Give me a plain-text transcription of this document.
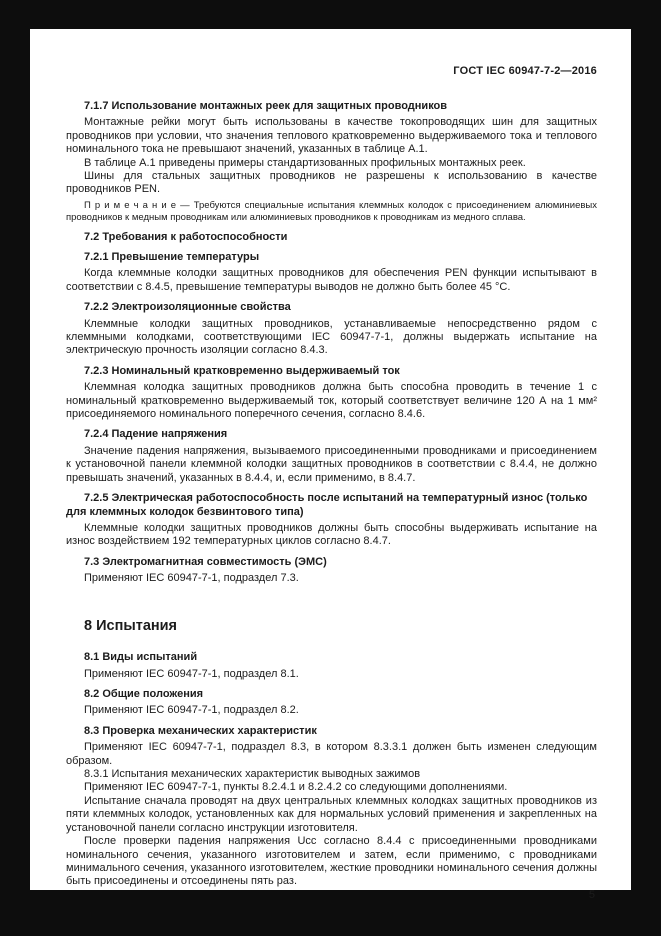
ГОСТ IEC 60947-7-2—2016
7.1.7 Использование монтажных реек для защитных проводников
Монтажные рейки могут быть использованы в качестве токопроводящих шин для защитных проводников при условии, что значения теплового кратковременно выдерживаемого тока и теплового номинального тока не превышают значений, указанных в таблице А.1.
В таблице А.1 приведены примеры стандартизованных профильных монтажных реек.
Шины для стальных защитных проводников не разрешены к использованию в качестве проводников PEN.
П р и м е ч а н и е — Требуются специальные испытания клеммных колодок с присоединением алюминиевых проводников к медным проводникам или алюминиевых проводников к проводникам из медного сплава.
7.2 Требования к работоспособности
7.2.1 Превышение температуры
Когда клеммные колодки защитных проводников для обеспечения PEN функции испытывают в соответствии с 8.4.5, превышение температуры выводов не должно быть более 45 °С.
7.2.2 Электроизоляционные свойства
Клеммные колодки защитных проводников, устанавливаемые непосредственно рядом с клеммными колодками, соответствующими IEC 60947-7-1, должны выдержать испытание на электрическую прочность изоляции согласно 8.4.3.
7.2.3 Номинальный кратковременно выдерживаемый ток
Клеммная колодка защитных проводников должна быть способна проводить в течение 1 с номинальный кратковременно выдерживаемый ток, который соответствует величине 120 А на 1 мм² присоединяемого номинального поперечного сечения, согласно 8.4.6.
7.2.4 Падение напряжения
Значение падения напряжения, вызываемого присоединенными проводниками и присоединением к установочной панели клеммной колодки защитных проводников в соответствии с 8.4.4, не должно превышать значений, указанных в 8.4.4, и, если применимо, в 8.4.7.
7.2.5 Электрическая работоспособность после испытаний на температурный износ (только для клеммных колодок безвинтового типа)
Клеммные колодки защитных проводников должны быть способны выдерживать испытание на износ воздействием 192 температурных циклов согласно 8.4.7.
7.3 Электромагнитная совместимость (ЭМС)
Применяют IEC 60947-7-1, подраздел 7.3.
8 Испытания
8.1 Виды испытаний
Применяют IEC 60947-7-1, подраздел 8.1.
8.2 Общие положения
Применяют IEC 60947-7-1, подраздел 8.2.
8.3 Проверка механических характеристик
Применяют IEC 60947-7-1, подраздел 8.3, в котором 8.3.3.1 должен быть изменен следующим образом.
8.3.1 Испытания механических характеристик выводных зажимов
Применяют IEC 60947-7-1, пункты 8.2.4.1 и 8.2.4.2 со следующими дополнениями.
Испытание сначала проводят на двух центральных клеммных колодках защитных проводников из пяти клеммных колодок, установленных как для нормальных условий применения и закрепленных на установочной панели согласно инструкции изготовителя.
После проверки падения напряжения Uсс согласно 8.4.4 с присоединенными проводниками номинального сечения, указанного изготовителем и затем, если применимо, с проводниками минимального сечения, указанного изготовителем, жесткие проводники номинального сечения должны быть присоединены и отсоединены пять раз.
5
